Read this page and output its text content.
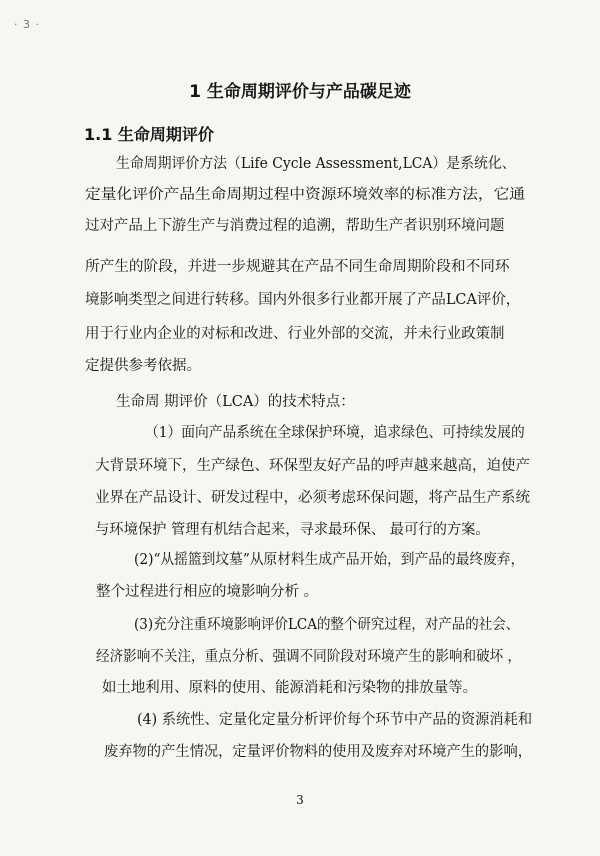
· 3 ·
1 生命周期评价与产品碳足迹
1.1 生命周期评价
生命周期评价方法（Life Cycle Assessment,LCA）是系统化、
定量化评价产品生命周期过程中资源环境效率的标准方法，它通
过对产品上下游生产与消费过程的追溯，帮助生产者识别环境问题
所产生的阶段，并进一步规避其在产品不同生命周期阶段和不同环
境影响类型之间进行转移。国内外很多行业都开展了产品LCA评价，
用于行业内企业的对标和改进、行业外部的交流，并未行业政策制
定提供参考依据。
生命周 期评价（LCA）的技术特点：
（1）面向产品系统在全球保护环境，追求绿色、可持续发展的
大背景环境下，生产绿色、环保型友好产品的呼声越来越高，迫使产
业界在产品设计、研发过程中，必须考虑环保问题，将产品生产系统
与环境保护 管理有机结合起来，寻求最环保、 最可行的方案。
(2)“从摇篮到坟墓”从原材料生成产品开始，到产品的最终废弃，
整个过程进行相应的境影响分析 。
(3)充分注重环境影响评价LCA的整个研究过程，对产品的社会、
经济影响不关注，重点分析、强调不同阶段对环境产生的影响和破坏 ，
如土地利用、原料的使用、能源消耗和污染物的排放量等。
(4) 系统性、定量化定量分析评价每个环节中产品的资源消耗和
废弃物的产生情况，定量评价物料的使用及废弃对环境产生的影响，
3
